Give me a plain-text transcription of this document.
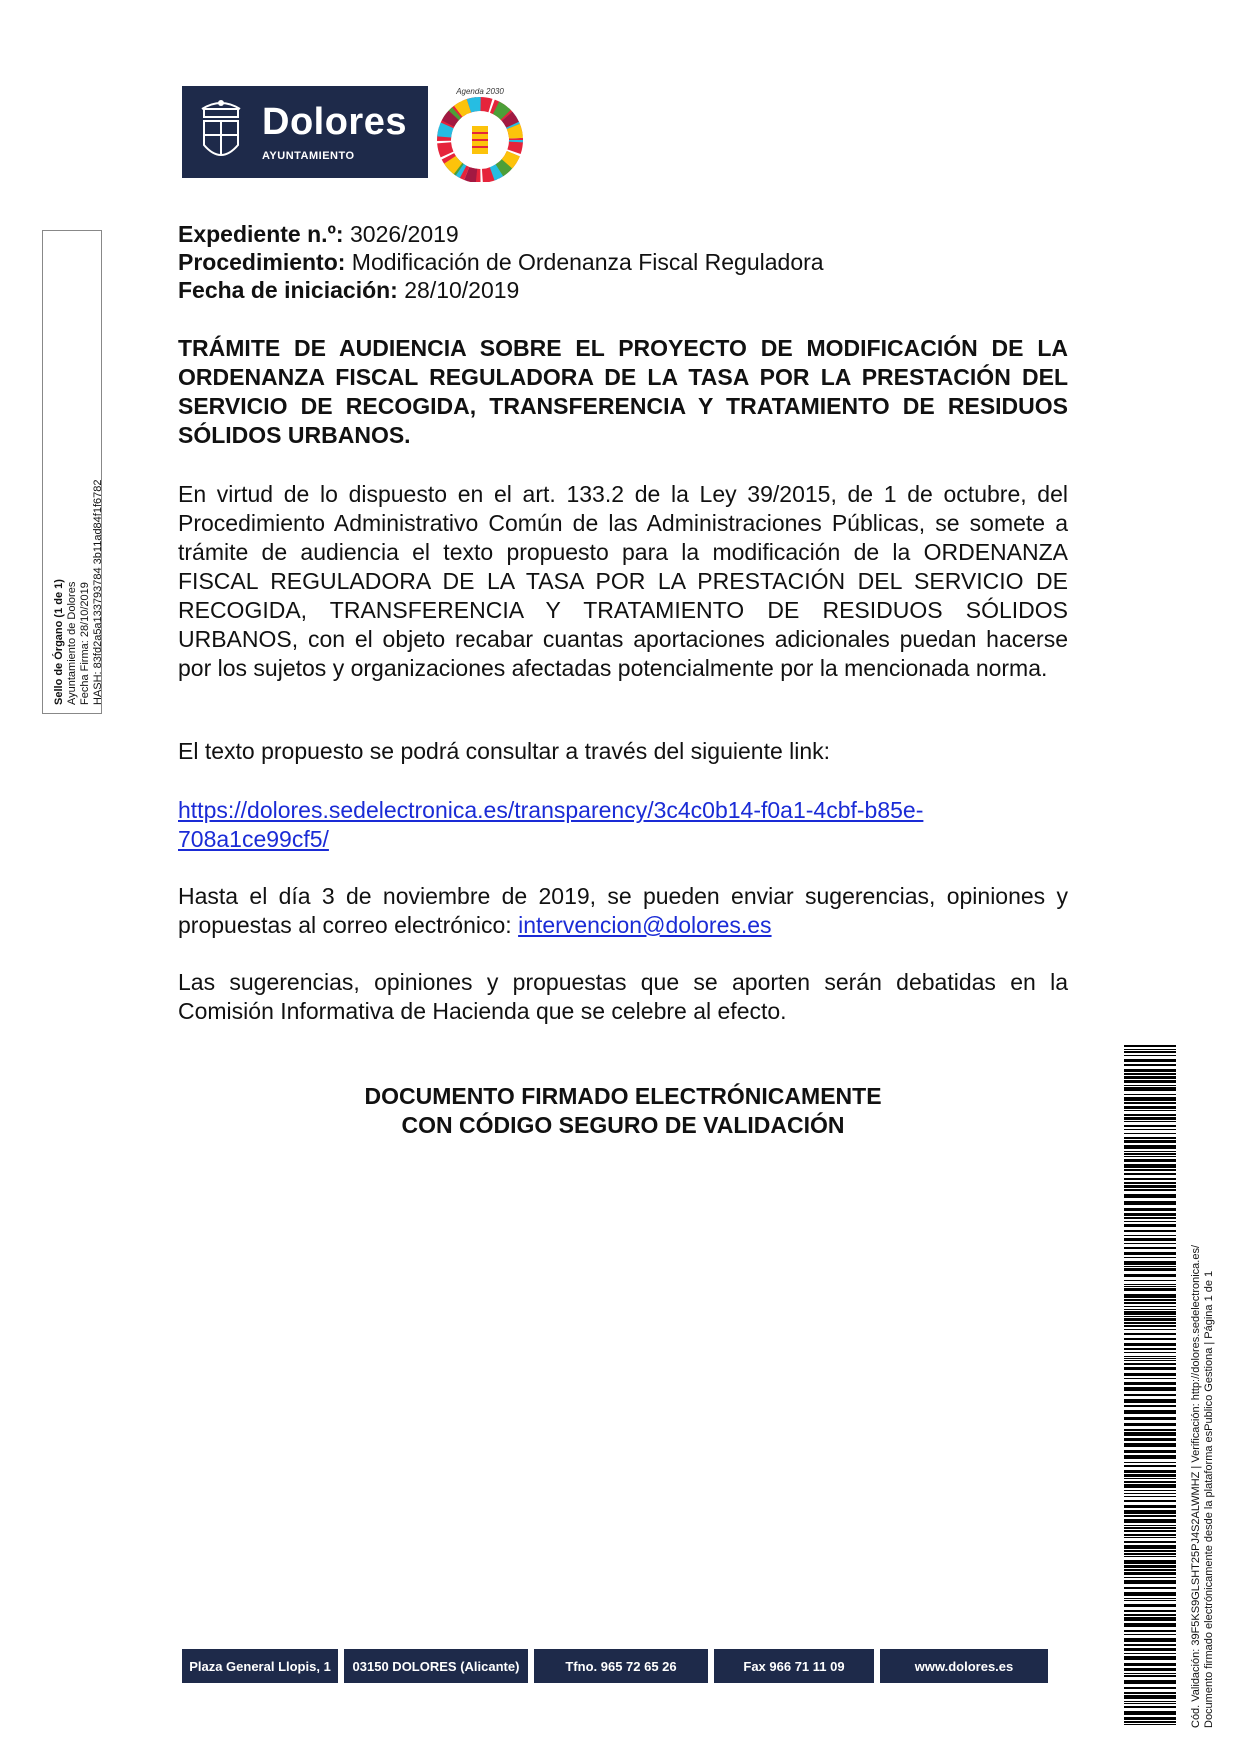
Dolores
AYUNTAMIENTO
Agenda 2030
Sello de Órgano (1 de 1) Ayuntamiento de Dolores Fecha Firma: 28/10/2019 HASH: 83fd2a5a133793784 3b11ad84f1f6782
Expediente n.º: 3026/2019
Procedimiento: Modificación de Ordenanza Fiscal Reguladora
Fecha de iniciación: 28/10/2019
TRÁMITE DE AUDIENCIA SOBRE EL PROYECTO DE MODIFICACIÓN DE LA ORDENANZA FISCAL REGULADORA DE LA TASA POR LA PRESTACIÓN DEL SERVICIO DE RECOGIDA, TRANSFERENCIA Y TRATAMIENTO DE RESIDUOS SÓLIDOS URBANOS.
En virtud de lo dispuesto en el art. 133.2 de la Ley 39/2015, de 1 de octubre, del Procedimiento Administrativo Común de las Administraciones Públicas, se somete a trámite de audiencia el texto propuesto para la modificación de la ORDENANZA FISCAL REGULADORA DE LA TASA POR LA PRESTACIÓN DEL SERVICIO DE RECOGIDA, TRANSFERENCIA Y TRATAMIENTO DE RESIDUOS SÓLIDOS URBANOS, con el objeto recabar cuantas aportaciones adicionales puedan hacerse por los sujetos y organizaciones afectadas potencialmente por la mencionada norma.
El texto propuesto se podrá consultar a través del siguiente link:
https://dolores.sedelectronica.es/transparency/3c4c0b14-f0a1-4cbf-b85e-
708a1ce99cf5/
Hasta el día 3 de noviembre de 2019, se pueden enviar sugerencias, opiniones y propuestas al correo electrónico: intervencion@dolores.es
Las sugerencias, opiniones y propuestas que se aporten serán debatidas en la Comisión Informativa de Hacienda que se celebre al efecto.
DOCUMENTO FIRMADO ELECTRÓNICAMENTE
CON CÓDIGO SEGURO DE VALIDACIÓN
Cód. Validación: 39F5KS9GLSHT25PJ4S2ALWMHZ | Verificación: http://dolores.sedelectronica.es/ Documento firmado electrónicamente desde la plataforma esPublico Gestiona | Página 1 de 1
Plaza General Llopis, 1	03150 DOLORES (Alicante)	Tfno. 965 72 65 26	Fax 966 71 11 09	www.dolores.es
